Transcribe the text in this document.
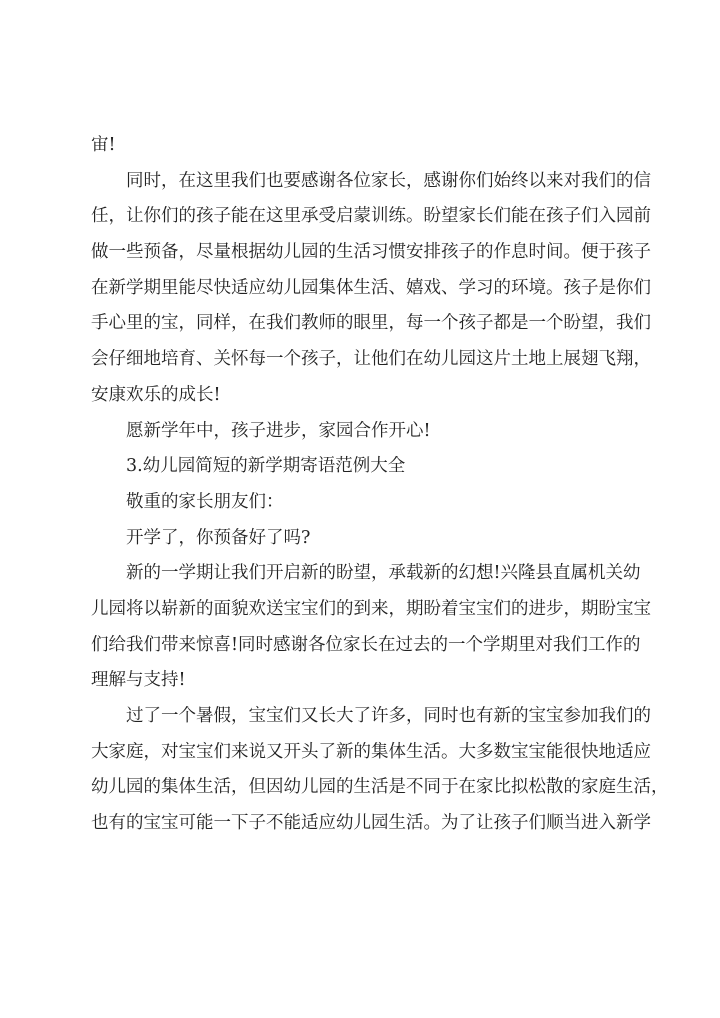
宙!
同时，在这里我们也要感谢各位家长，感谢你们始终以来对我们的信
任，让你们的孩子能在这里承受启蒙训练。盼望家长们能在孩子们入园前
做一些预备，尽量根据幼儿园的生活习惯安排孩子的作息时间。便于孩子
在新学期里能尽快适应幼儿园集体生活、嬉戏、学习的环境。孩子是你们
手心里的宝，同样，在我们教师的眼里，每一个孩子都是一个盼望，我们
会仔细地培育、关怀每一个孩子，让他们在幼儿园这片土地上展翅飞翔，
安康欢乐的成长!
愿新学年中，孩子进步，家园合作开心!
3.幼儿园简短的新学期寄语范例大全
敬重的家长朋友们：
开学了，你预备好了吗?
新的一学期让我们开启新的盼望，承载新的幻想!兴隆县直属机关幼
儿园将以崭新的面貌欢送宝宝们的到来，期盼着宝宝们的进步，期盼宝宝
们给我们带来惊喜!同时感谢各位家长在过去的一个学期里对我们工作的
理解与支持!
过了一个暑假，宝宝们又长大了许多，同时也有新的宝宝参加我们的
大家庭，对宝宝们来说又开头了新的集体生活。大多数宝宝能很快地适应
幼儿园的集体生活，但因幼儿园的生活是不同于在家比拟松散的家庭生活，
也有的宝宝可能一下子不能适应幼儿园生活。为了让孩子们顺当进入新学
